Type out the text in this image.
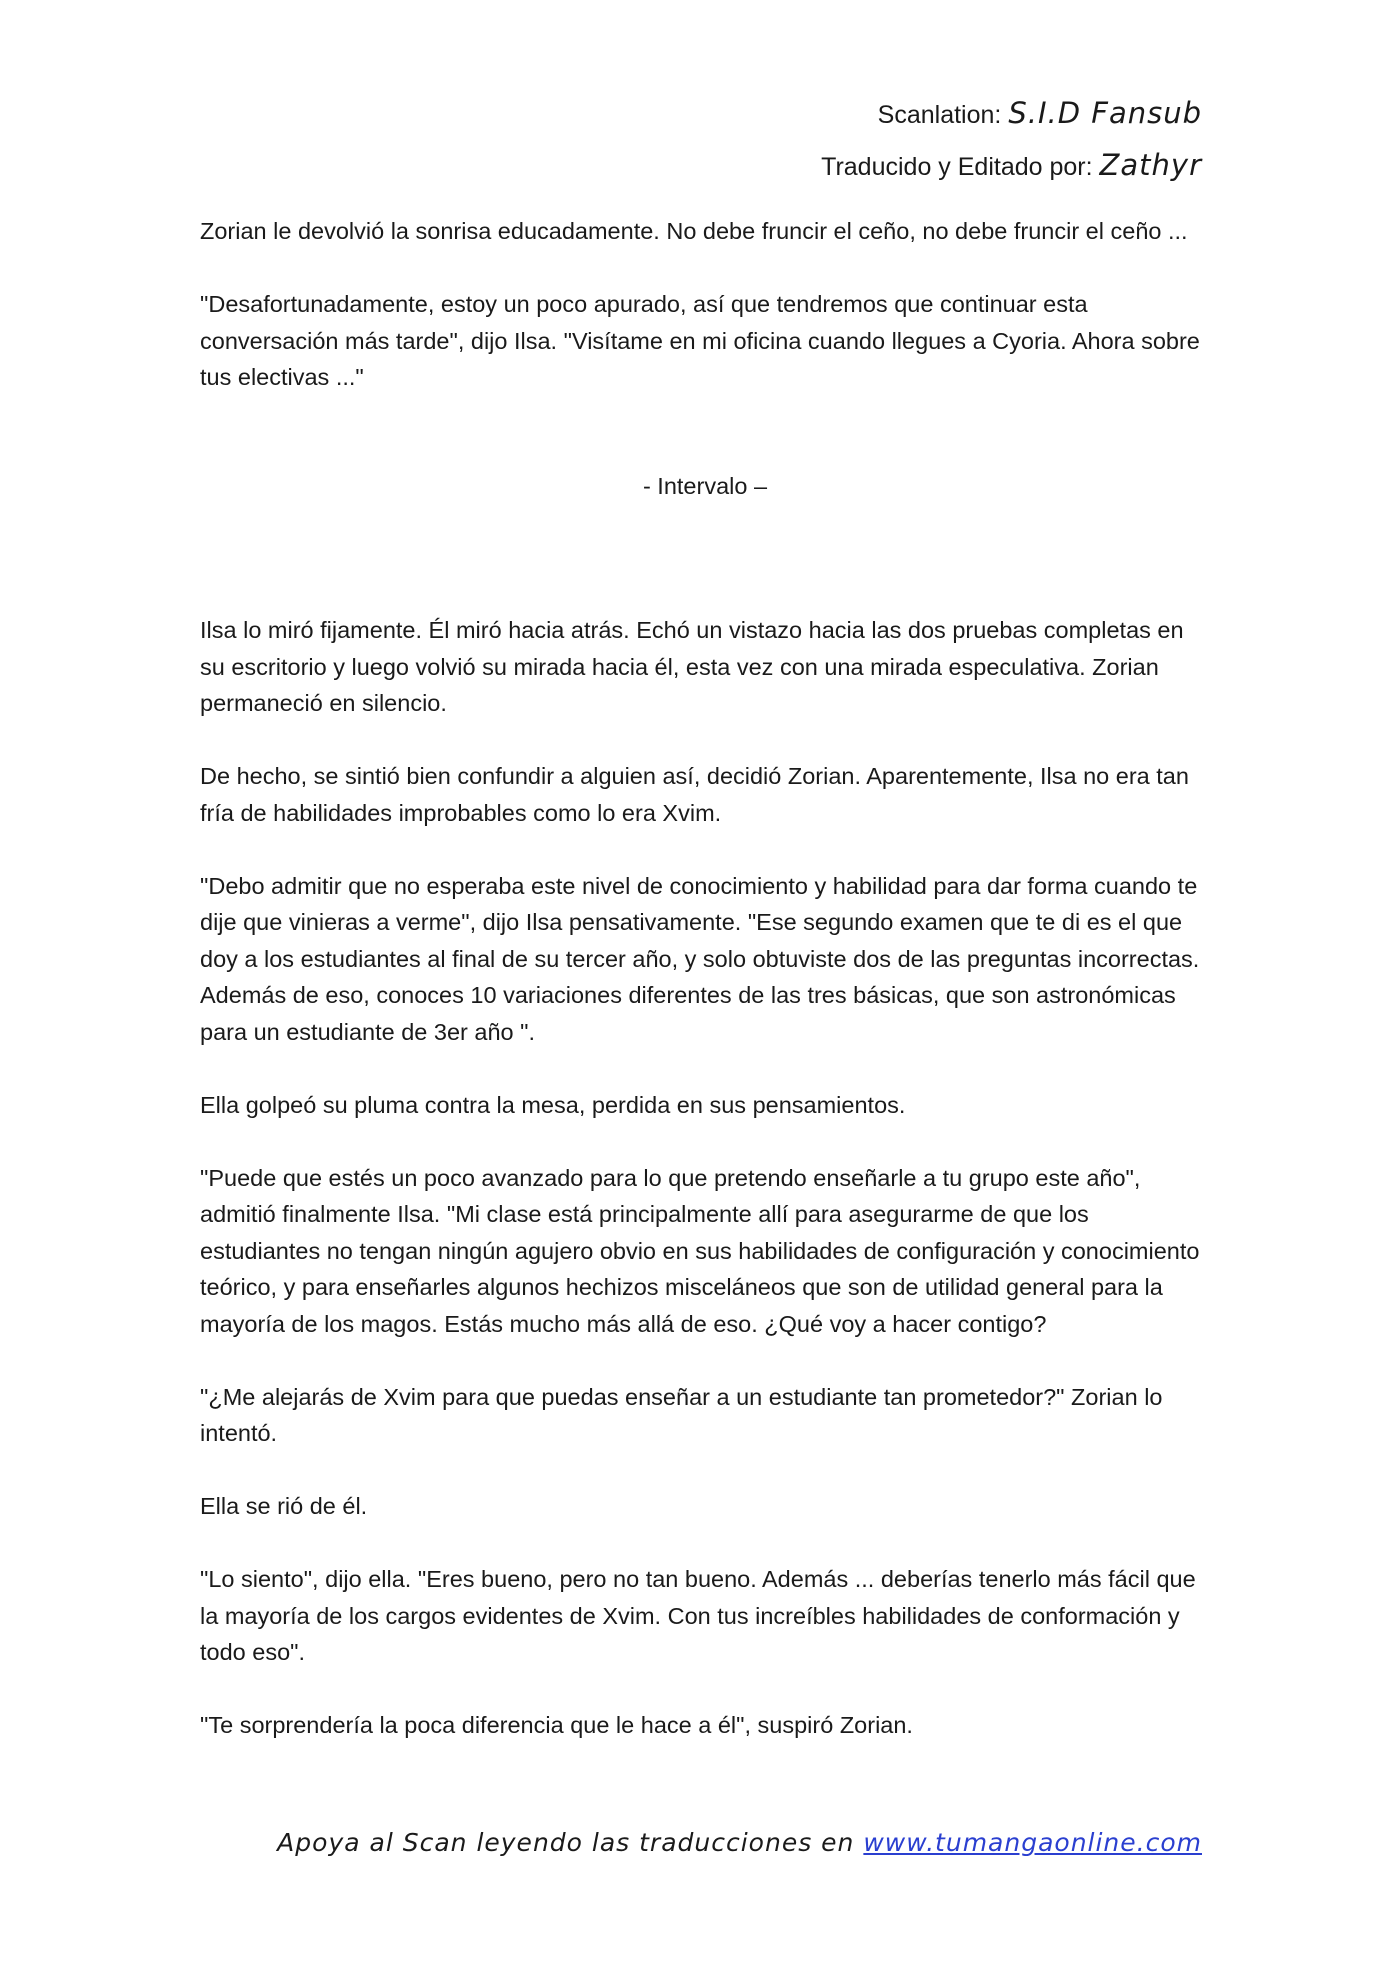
Scanlation: S.I.D Fansub
Traducido y Editado por: Zathyr

Zorian le devolvió la sonrisa educadamente. No debe fruncir el ceño, no debe fruncir el ceño ...

"Desafortunadamente, estoy un poco apurado, así que tendremos que continuar esta conversación más tarde", dijo Ilsa. "Visítame en mi oficina cuando llegues a Cyoria. Ahora sobre tus electivas ..."

- Intervalo –

Ilsa lo miró fijamente. Él miró hacia atrás. Echó un vistazo hacia las dos pruebas completas en su escritorio y luego volvió su mirada hacia él, esta vez con una mirada especulativa. Zorian permaneció en silencio.

De hecho, se sintió bien confundir a alguien así, decidió Zorian. Aparentemente, Ilsa no era tan fría de habilidades improbables como lo era Xvim.

"Debo admitir que no esperaba este nivel de conocimiento y habilidad para dar forma cuando te dije que vinieras a verme", dijo Ilsa pensativamente. "Ese segundo examen que te di es el que doy a los estudiantes al final de su tercer año, y solo obtuviste dos de las preguntas incorrectas. Además de eso, conoces 10 variaciones diferentes de las tres básicas, que son astronómicas para un estudiante de 3er año ".

Ella golpeó su pluma contra la mesa, perdida en sus pensamientos.

"Puede que estés un poco avanzado para lo que pretendo enseñarle a tu grupo este año", admitió finalmente Ilsa. "Mi clase está principalmente allí para asegurarme de que los estudiantes no tengan ningún agujero obvio en sus habilidades de configuración y conocimiento teórico, y para enseñarles algunos hechizos misceláneos que son de utilidad general para la mayoría de los magos. Estás mucho más allá de eso. ¿Qué voy a hacer contigo?

"¿Me alejarás de Xvim para que puedas enseñar a un estudiante tan prometedor?" Zorian lo intentó.

Ella se rió de él.

"Lo siento", dijo ella. "Eres bueno, pero no tan bueno. Además ... deberías tenerlo más fácil que la mayoría de los cargos evidentes de Xvim. Con tus increíbles habilidades de conformación y todo eso".

"Te sorprendería la poca diferencia que le hace a él", suspiró Zorian.

Apoya al Scan leyendo las traducciones en www.tumangaonline.com
